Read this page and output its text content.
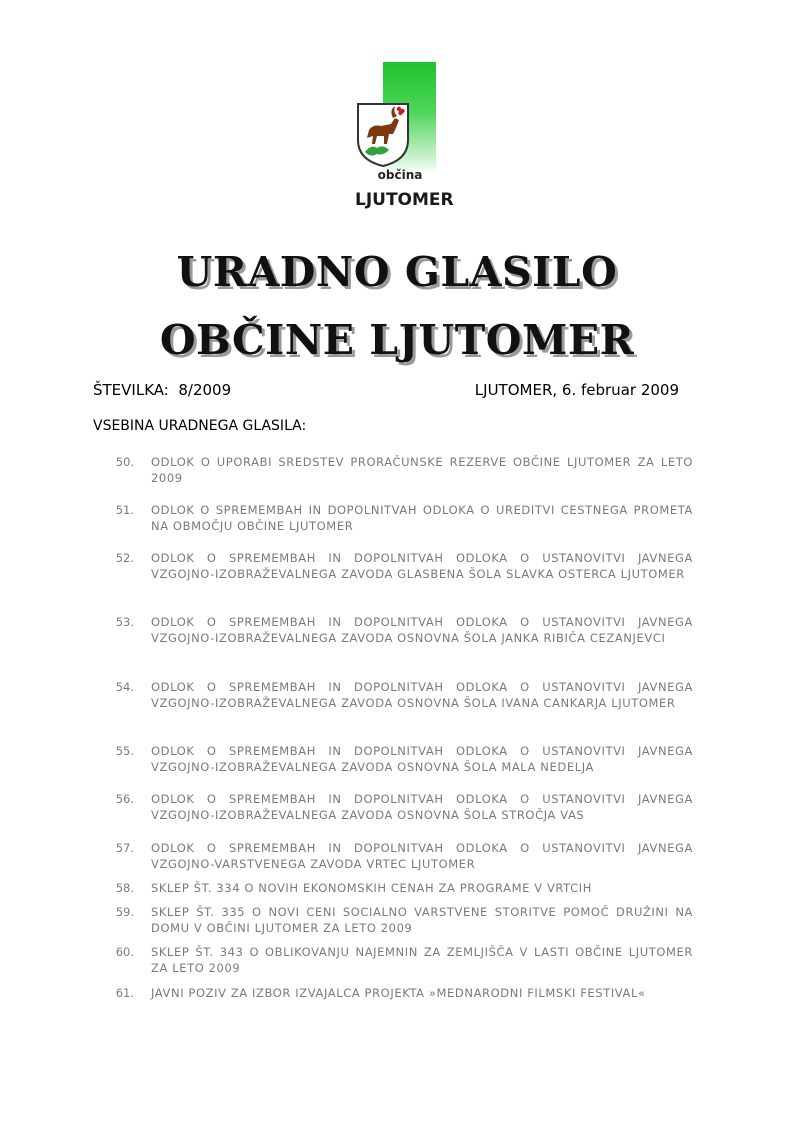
občina
LJUTOMER
URADNO GLASILO
OBČINE LJUTOMER
ŠTEVILKA:  8/2009	LJUTOMER, 6. februar 2009
VSEBINA URADNEGA GLASILA:
50. ODLOK O UPORABI SREDSTEV PRORAČUNSKE REZERVE OBČINE LJUTOMER ZA LETO 2009
51. ODLOK O SPREMEMBAH IN DOPOLNITVAH ODLOKA O UREDITVI CESTNEGA PROMETA NA OBMOČJU OBČINE LJUTOMER
52. ODLOK O SPREMEMBAH IN DOPOLNITVAH ODLOKA O USTANOVITVI JAVNEGA VZGOJNO-IZOBRAŽEVALNEGA ZAVODA GLASBENA ŠOLA SLAVKA OSTERCA LJUTOMER
53. ODLOK O SPREMEMBAH IN DOPOLNITVAH ODLOKA O USTANOVITVI JAVNEGA VZGOJNO-IZOBRAŽEVALNEGA ZAVODA OSNOVNA ŠOLA JANKA RIBIČA CEZANJEVCI
54. ODLOK O SPREMEMBAH IN DOPOLNITVAH ODLOKA O USTANOVITVI JAVNEGA VZGOJNO-IZOBRAŽEVALNEGA ZAVODA OSNOVNA ŠOLA IVANA CANKARJA LJUTOMER
55. ODLOK O SPREMEMBAH IN DOPOLNITVAH ODLOKA O USTANOVITVI JAVNEGA VZGOJNO-IZOBRAŽEVALNEGA ZAVODA OSNOVNA ŠOLA MALA NEDELJA
56. ODLOK O SPREMEMBAH IN DOPOLNITVAH ODLOKA O USTANOVITVI JAVNEGA VZGOJNO-IZOBRAŽEVALNEGA ZAVODA OSNOVNA ŠOLA STROČJA VAS
57. ODLOK O SPREMEMBAH IN DOPOLNITVAH ODLOKA O USTANOVITVI JAVNEGA VZGOJNO-VARSTVENEGA ZAVODA VRTEC LJUTOMER
58. SKLEP ŠT. 334 O NOVIH EKONOMSKIH CENAH ZA PROGRAME V VRTCIH
59. SKLEP ŠT. 335 O NOVI CENI SOCIALNO VARSTVENE STORITVE POMOČ DRUŽINI NA DOMU V OBČINI LJUTOMER ZA LETO 2009
60. SKLEP ŠT. 343 O OBLIKOVANJU NAJEMNIN ZA ZEMLJIŠČA V LASTI OBČINE LJUTOMER ZA LETO 2009
61. JAVNI POZIV ZA IZBOR IZVAJALCA PROJEKTA »MEDNARODNI FILMSKI FESTIVAL«
